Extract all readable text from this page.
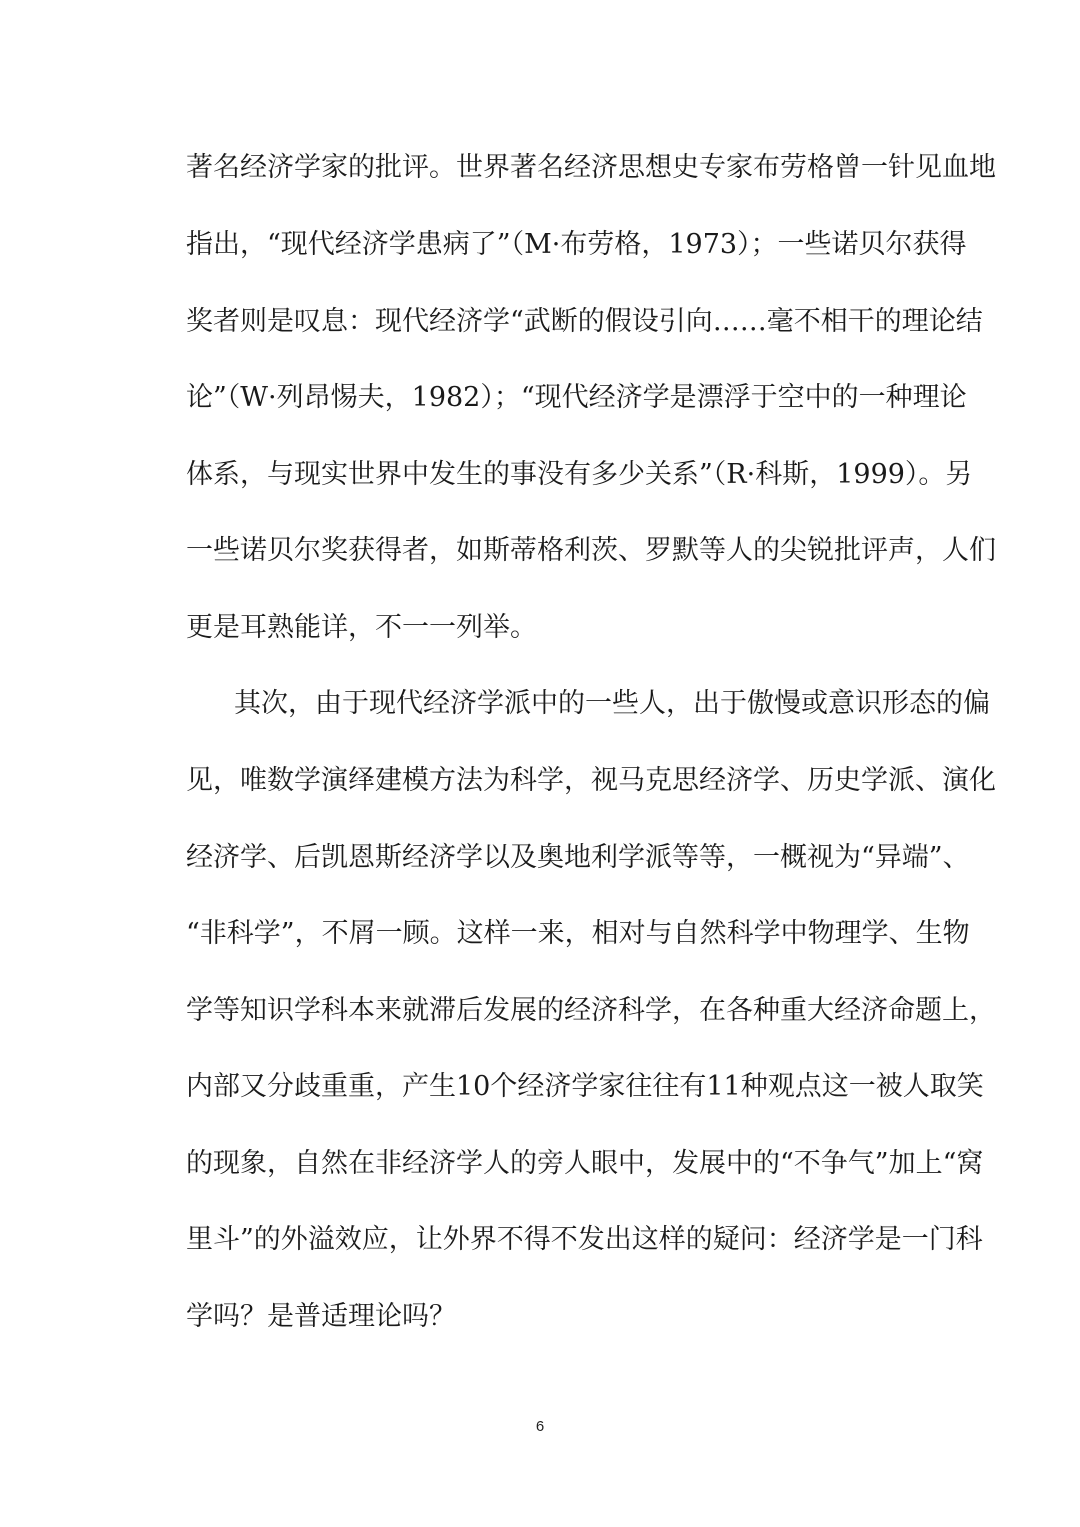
著名经济学家的批评。世界著名经济思想史专家布劳格曾一针见血地
指出，“现代经济学患病了”（M·布劳格，1973）；一些诺贝尔获得
奖者则是叹息：现代经济学“武断的假设引向……毫不相干的理论结
论”（W·列昂惕夫，1982）；“现代经济学是漂浮于空中的一种理论
体系，与现实世界中发生的事没有多少关系”（R·科斯，1999）。另
一些诺贝尔奖获得者，如斯蒂格利茨、罗默等人的尖锐批评声，人们
更是耳熟能详，不一一列举。
其次，由于现代经济学派中的一些人，出于傲慢或意识形态的偏
见，唯数学演绎建模方法为科学，视马克思经济学、历史学派、演化
经济学、后凯恩斯经济学以及奥地利学派等等，一概视为“异端”、
“非科学”，不屑一顾。这样一来，相对与自然科学中物理学、生物
学等知识学科本来就滞后发展的经济科学，在各种重大经济命题上，
内部又分歧重重，产生10个经济学家往往有11种观点这一被人取笑
的现象，自然在非经济学人的旁人眼中，发展中的“不争气”加上“窝
里斗”的外溢效应，让外界不得不发出这样的疑问：经济学是一门科
学吗？是普适理论吗？
6
